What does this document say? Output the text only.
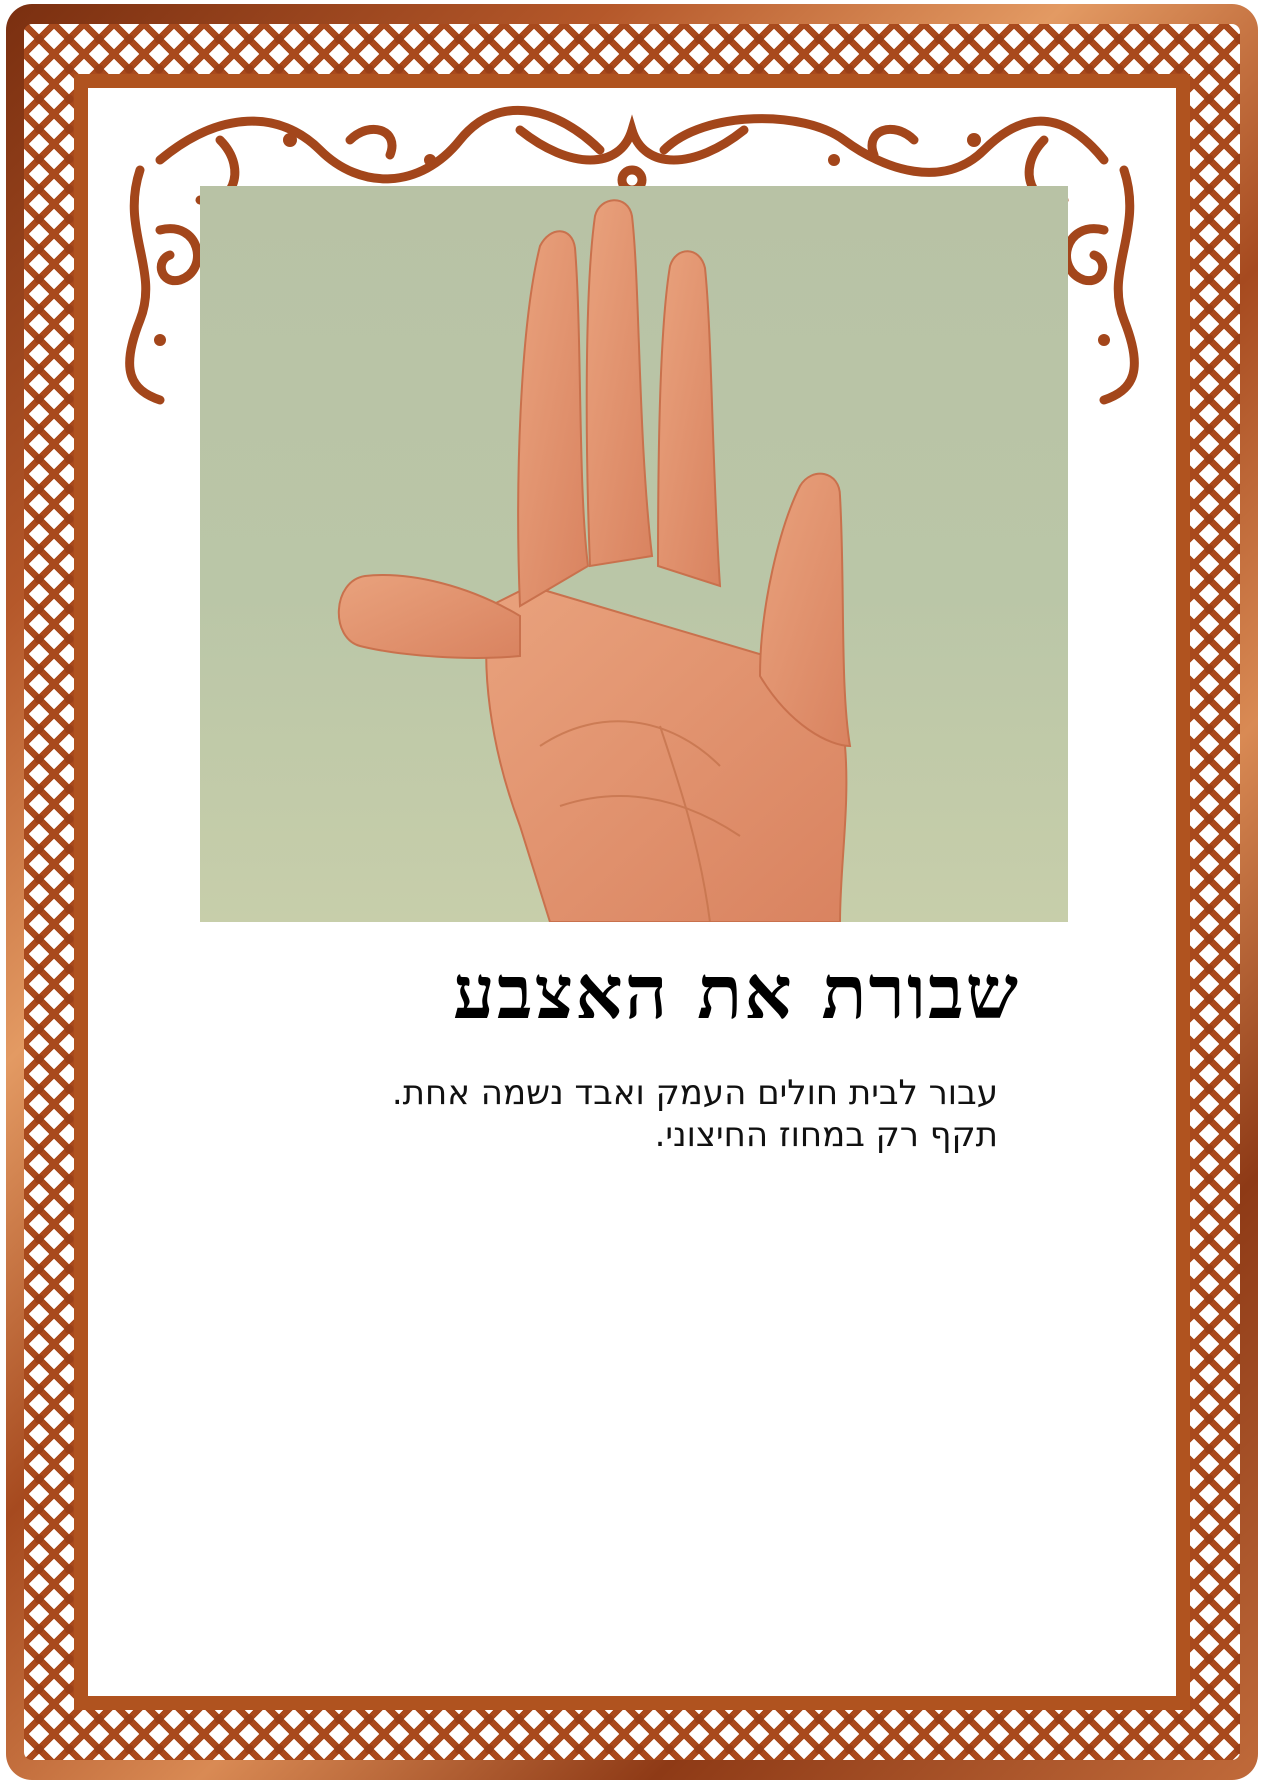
שבורת את האצבע
עבור לבית חולים העמק ואבד נשמה אחת.
תקף רק במחוז החיצוני.
